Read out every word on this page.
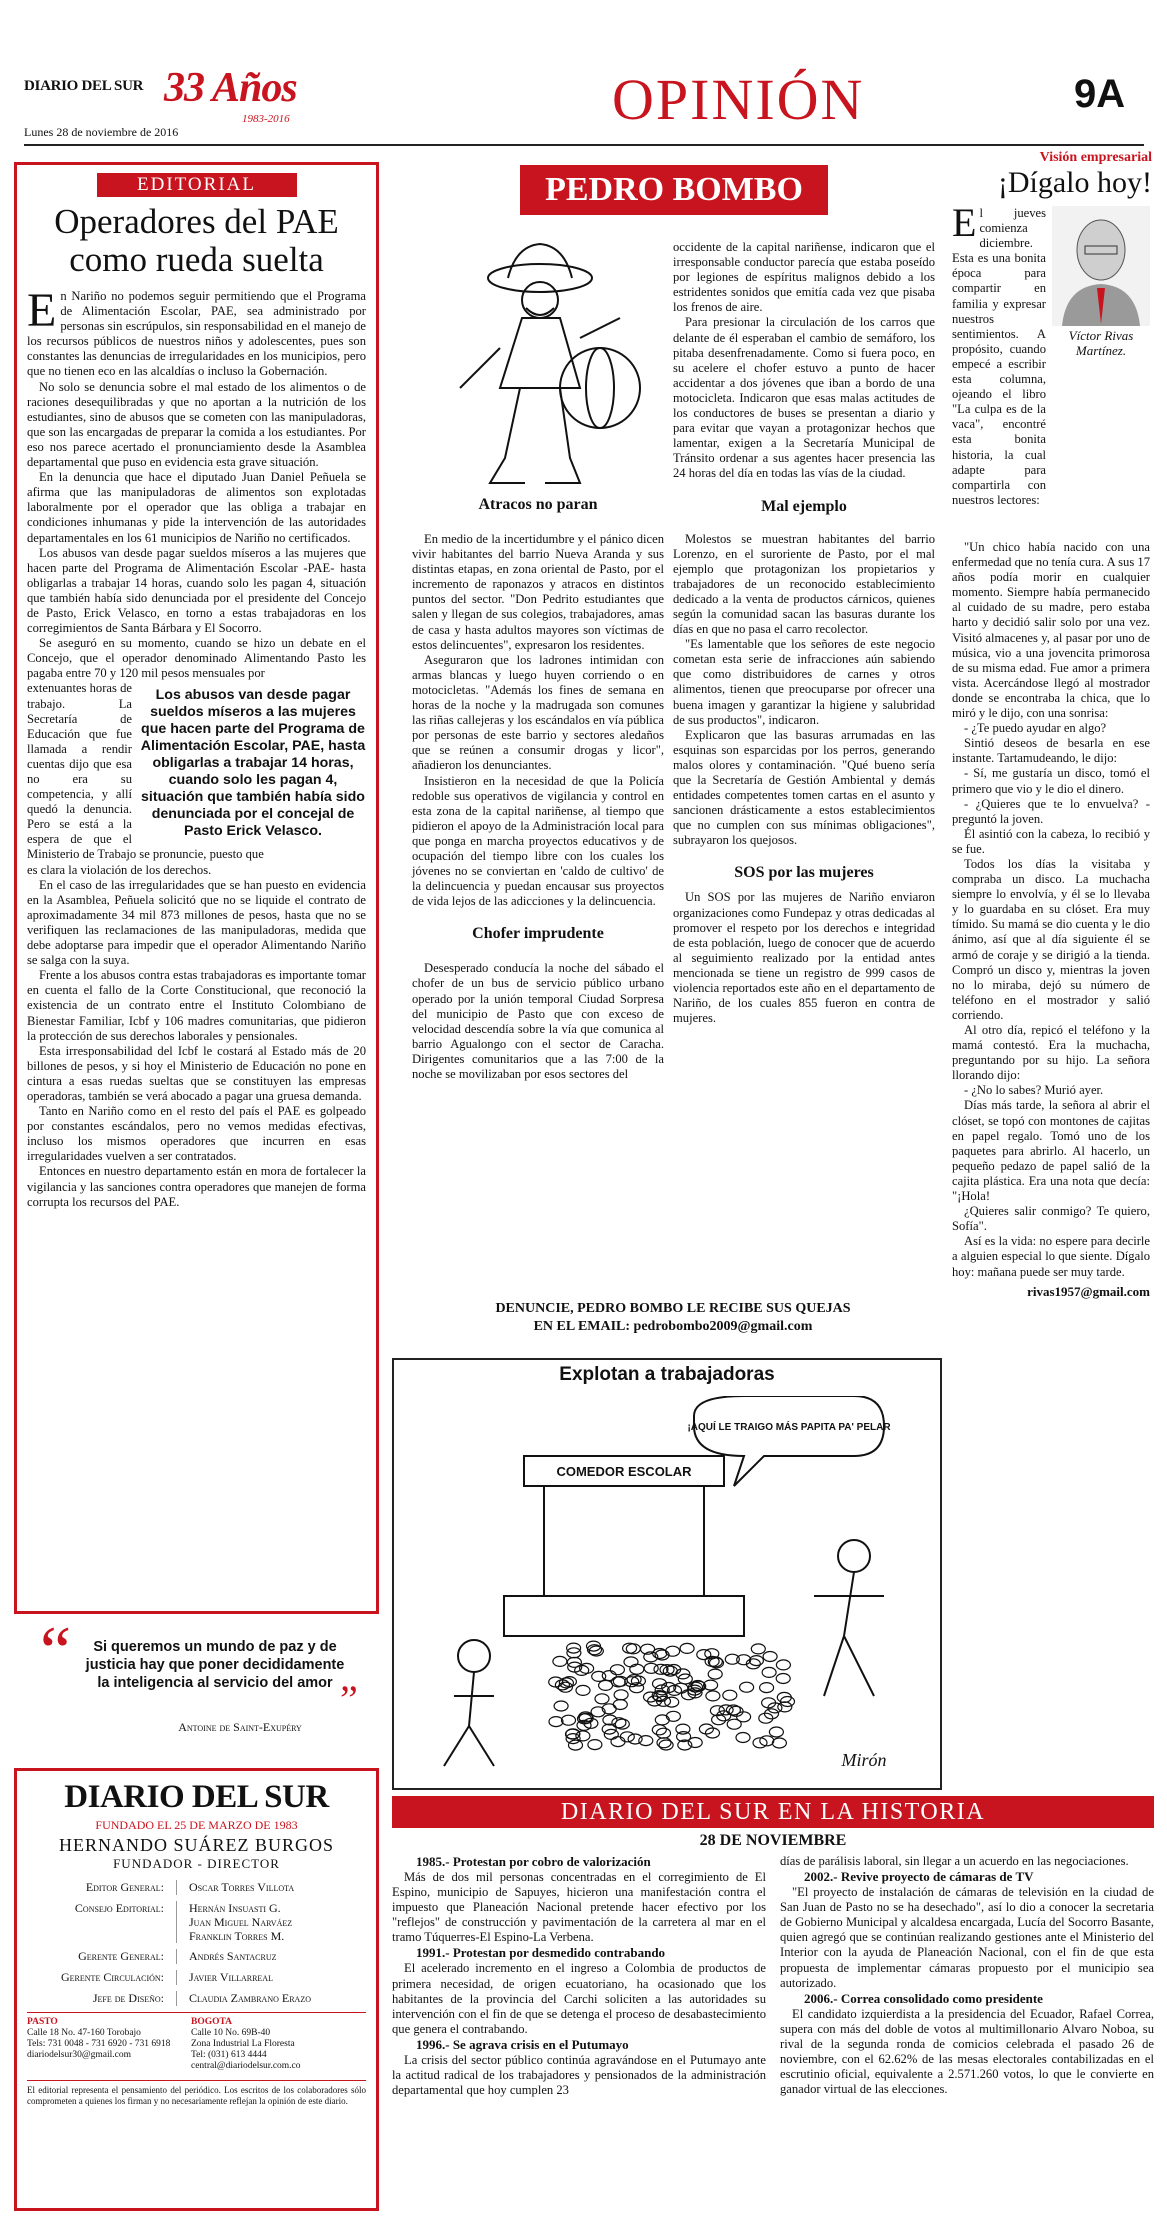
DIARIO DEL SUR
Lunes 28 de noviembre de 2016
33 Años
1983-2016	OPINIÓN	9A
EDITORIAL
Operadores del PAE como rueda suelta

En Nariño no podemos seguir permitiendo que el Programa de Alimentación Escolar, PAE, sea administrado por personas sin escrúpulos, sin responsabilidad en el manejo de los recursos públicos de nuestros niños y adolescentes, pues son constantes las denuncias de irregularidades en los municipios, pero que no tienen eco en las alcaldías o incluso la Gobernación.

No solo se denuncia sobre el mal estado de los alimentos o de raciones desequilibradas y que no aportan a la nutrición de los estudiantes, sino de abusos que se cometen con las manipuladoras, que son las encargadas de preparar la comida a los estudiantes. Por eso nos parece acertado el pronunciamiento desde la Asamblea departamental que puso en evidencia esta grave situación.

En la denuncia que hace el diputado Juan Daniel Peñuela se afirma que las manipuladoras de alimentos son explotadas laboralmente por el operador que las obliga a trabajar en condiciones inhumanas y pide la intervención de las autoridades departamentales en los 61 municipios de Nariño no certificados.

Los abusos van desde pagar sueldos míseros a las mujeres que hacen parte del Programa de Alimentación Escolar -PAE- hasta obligarlas a trabajar 14 horas, cuando solo les pagan 4, situación que también había sido denunciada por el presidente del Concejo de Pasto, Erick Velasco, en torno a estas trabajadoras en los corregimientos de Santa Bárbara y El Socorro.

Se aseguró en su momento, cuando se hizo un debate en el Concejo, que el operador denominado Alimentando Pasto les pagaba entre 70 y 120 mil pesos mensuales por

Los abusos van desde pagar sueldos míseros a las mujeres que hacen parte del Programa de Alimentación Escolar, PAE, hasta obligarlas a trabajar 14 horas, cuando solo les pagan 4, situación que también había sido denunciada por el concejal de Pasto Erick Velasco.

extenuantes horas de trabajo. La Secretaría de Educación que fue llamada a rendir cuentas dijo que esa no era su competencia, y allí quedó la denuncia. Pero se está a la espera de que el Ministerio de Trabajo se pronuncie, puesto que

es clara la violación de los derechos.

En el caso de las irregularidades que se han puesto en evidencia en la Asamblea, Peñuela solicitó que no se liquide el contrato de aproximadamente 34 mil 873 millones de pesos, hasta que no se verifiquen las reclamaciones de las manipuladoras, medida que debe adoptarse para impedir que el operador Alimentando Nariño se salga con la suya.

Frente a los abusos contra estas trabajadoras es importante tomar en cuenta el fallo de la Corte Constitucional, que reconoció la existencia de un contrato entre el Instituto Colombiano de Bienestar Familiar, Icbf y 106 madres comunitarias, que pidieron la protección de sus derechos laborales y pensionales.

Esta irresponsabilidad del Icbf le costará al Estado más de 20 billones de pesos, y si hoy el Ministerio de Educación no pone en cintura a esas ruedas sueltas que se constituyen las empresas operadoras, también se verá abocado a pagar una gruesa demanda.

Tanto en Nariño como en el resto del país el PAE es golpeado por constantes escándalos, pero no vemos medidas efectivas, incluso los mismos operadores que incurren en esas irregularidades vuelven a ser contratados.

Entonces en nuestro departamento están en mora de fortalecer la vigilancia y las sanciones contra operadores que manejen de forma corrupta los recursos del PAE.

“	Si queremos un mundo de paz y de justicia hay que poner decididamente la inteligencia al servicio del amor
Antoine de Saint-Exupéry
”
DIARIO DEL SUR
FUNDADO EL 25 DE MARZO DE 1983
HERNANDO SUÁREZ BURGOS
FUNDADOR - DIRECTOR
Editor General:	Oscar Torres Villota
Consejo Editorial:	Hernán Insuasti G.
Juan Miguel Narváez
Franklin Torres M.
Gerente General:	Andrés Santacruz
Gerente Circulación:	Javier Villarreal
Jefe de Diseño:	Claudia Zambrano Erazo
PASTO
Calle 18 No. 47-160 Torobajo
Tels: 731 0048 - 731 6920 - 731 6918
diariodelsur30@gmail.com
BOGOTA
Calle 10 No. 69B-40
Zona Industrial La Floresta
Tel: (031) 613 4444
central@diariodelsur.com.co
El editorial representa el pensamiento del periódico. Los escritos de los colaboradores sólo comprometen a quienes los firman y no necesariamente reflejan la opinión de este diario.
PEDRO BOMBO
Atracos no paran

En medio de la incertidumbre y el pánico dicen vivir habitantes del barrio Nueva Aranda y sus distintas etapas, en zona oriental de Pasto, por el incremento de raponazos y atracos en distintos puntos del sector. "Don Pedrito estudiantes que salen y llegan de sus colegios, trabajadores, amas de casa y hasta adultos mayores son víctimas de estos delincuentes", expresaron los residentes.

Aseguraron que los ladrones intimidan con armas blancas y luego huyen corriendo o en motocicletas. "Además los fines de semana en horas de la noche y la madrugada son comunes las riñas callejeras y los escándalos en vía pública por personas de este barrio y sectores aledaños que se reúnen a consumir drogas y licor", añadieron los denunciantes.

Insistieron en la necesidad de que la Policía redoble sus operativos de vigilancia y control en esta zona de la capital nariñense, al tiempo que pidieron el apoyo de la Administración local para que ponga en marcha proyectos educativos y de ocupación del tiempo libre con los cuales los jóvenes no se conviertan en 'caldo de cultivo' de la delincuencia y puedan encausar sus proyectos de vida lejos de las adicciones y la delincuencia.

Chofer imprudente

Desesperado conducía la noche del sábado el chofer de un bus de servicio público urbano operado por la unión temporal Ciudad Sorpresa del municipio de Pasto que con exceso de velocidad descendía sobre la vía que comunica al barrio Agualongo con el sector de Caracha. Dirigentes comunitarios que a las 7:00 de la noche se movilizaban por esos sectores del

occidente de la capital nariñense, indicaron que el irresponsable conductor parecía que estaba poseído por legiones de espíritus malignos debido a los estridentes sonidos que emitía cada vez que pisaba los frenos de aire.

Para presionar la circulación de los carros que delante de él esperaban el cambio de semáforo, los pitaba desenfrenadamente. Como si fuera poco, en su acelere el chofer estuvo a punto de hacer accidentar a dos jóvenes que iban a bordo de una motocicleta. Indicaron que esas malas actitudes de los conductores de buses se presentan a diario y para evitar que vayan a protagonizar hechos que lamentar, exigen a la Secretaría Municipal de Tránsito ordenar a sus agentes hacer presencia las 24 horas del día en todas las vías de la ciudad.

Mal ejemplo

Molestos se muestran habitantes del barrio Lorenzo, en el suroriente de Pasto, por el mal ejemplo que protagonizan los propietarios y trabajadores de un reconocido establecimiento dedicado a la venta de productos cárnicos, quienes según la comunidad sacan las basuras durante los días en que no pasa el carro recolector.

"Es lamentable que los señores de este negocio cometan esta serie de infracciones aún sabiendo que como distribuidores de carnes y otros alimentos, tienen que preocuparse por ofrecer una buena imagen y garantizar la higiene y salubridad de sus productos", indicaron.

Explicaron que las basuras arrumadas en las esquinas son esparcidas por los perros, generando malos olores y contaminación. "Qué bueno sería que la Secretaría de Gestión Ambiental y demás entidades competentes tomen cartas en el asunto y sancionen drásticamente a estos establecimientos que no cumplen con sus mínimas obligaciones", subrayaron los quejosos.

SOS por las mujeres

Un SOS por las mujeres de Nariño enviaron organizaciones como Fundepaz y otras dedicadas al promover el respeto por los derechos e integridad de esta población, luego de conocer que de acuerdo al seguimiento realizado por la entidad antes mencionada se tiene un registro de 999 casos de violencia reportados este año en el departamento de Nariño, de los cuales 855 fueron en contra de mujeres.

DENUNCIE, PEDRO BOMBO LE RECIBE SUS QUEJAS
EN EL EMAIL: pedrobombo2009@gmail.com
Explotan a trabajadoras
COMEDOR ESCOLAR
¡AQUÍ LE TRAIGO MÁS PAPITA PA' PELAR
Mirón
Visión empresarial
¡Dígalo hoy!
Víctor Rivas Martínez.

El jueves comienza diciembre. Esta es una bonita época para compartir en familia y expresar nuestros sentimientos. A propósito, cuando empecé a escribir esta columna, ojeando el libro "La culpa es de la vaca", encontré esta bonita historia, la cual adapte para compartirla con nuestros lectores:

"Un chico había nacido con una enfermedad que no tenía cura. A sus 17 años podía morir en cualquier momento. Siempre había permanecido al cuidado de su madre, pero estaba harto y decidió salir solo por una vez. Visitó almacenes y, al pasar por uno de música, vio a una jovencita primorosa de su misma edad. Fue amor a primera vista. Acercándose llegó al mostrador donde se encontraba la chica, que lo miró y le dijo, con una sonrisa:

- ¿Te puedo ayudar en algo?

Sintió deseos de besarla en ese instante. Tartamudeando, le dijo:

- Sí, me gustaría un disco, tomó el primero que vio y le dio el dinero.

- ¿Quieres que te lo envuelva? -preguntó la joven.

Él asintió con la cabeza, lo recibió y se fue.

Todos los días la visitaba y compraba un disco. La muchacha siempre lo envolvía, y él se lo llevaba y lo guardaba en su clóset. Era muy tímido. Su mamá se dio cuenta y le dio ánimo, así que al día siguiente él se armó de coraje y se dirigió a la tienda. Compró un disco y, mientras la joven no lo miraba, dejó su número de teléfono en el mostrador y salió corriendo.

Al otro día, repicó el teléfono y la mamá contestó. Era la muchacha, preguntando por su hijo. La señora llorando dijo:

- ¿No lo sabes? Murió ayer.

Días más tarde, la señora al abrir el clóset, se topó con montones de cajitas en papel regalo. Tomó uno de los paquetes para abrirlo. Al hacerlo, un pequeño pedazo de papel salió de la cajita plástica. Era una nota que decía: "¡Hola!

¿Quieres salir conmigo? Te quiero, Sofía".

Así es la vida: no espere para decirle a alguien especial lo que siente. Dígalo hoy: mañana puede ser muy tarde.

rivas1957@gmail.com
DIARIO DEL SUR EN LA HISTORIA
28 DE NOVIEMBRE
1985.- Protestan por cobro de valorización

Más de dos mil personas concentradas en el corregimiento de El Espino, municipio de Sapuyes, hicieron una manifestación contra el impuesto que Planeación Nacional pretende hacer efectivo por los "reflejos" de construcción y pavimentación de la carretera al mar en el tramo Túquerres-El Espino-La Verbena.

1991.- Protestan por desmedido contrabando

El acelerado incremento en el ingreso a Colombia de productos de primera necesidad, de origen ecuatoriano, ha ocasionado que los habitantes de la provincia del Carchi soliciten a las autoridades su intervención con el fin de que se detenga el proceso de desabastecimiento que genera el contrabando.

1996.- Se agrava crisis en el Putumayo

La crisis del sector público continúa agravándose en el Putumayo ante la actitud radical de los trabajadores y pensionados de la administración departamental que hoy cumplen 23

días de parálisis laboral, sin llegar a un acuerdo en las negociaciones.

2002.- Revive proyecto de cámaras de TV

"El proyecto de instalación de cámaras de televisión en la ciudad de San Juan de Pasto no se ha desechado", así lo dio a conocer la secretaria de Gobierno Municipal y alcaldesa encargada, Lucía del Socorro Basante, quien agregó que se continúan realizando gestiones ante el Ministerio del Interior con la ayuda de Planeación Nacional, con el fin de que esta propuesta de implementar cámaras propuesto por el municipio sea autorizado.

2006.- Correa consolidado como presidente

El candidato izquierdista a la presidencia del Ecuador, Rafael Correa, supera con más del doble de votos al multimillonario Alvaro Noboa, su rival de la segunda ronda de comicios celebrada el pasado 26 de noviembre, con el 62.62% de las mesas electorales contabilizadas en el escrutinio oficial, equivalente a 2.571.260 votos, lo que le convierte en ganador virtual de las elecciones.
